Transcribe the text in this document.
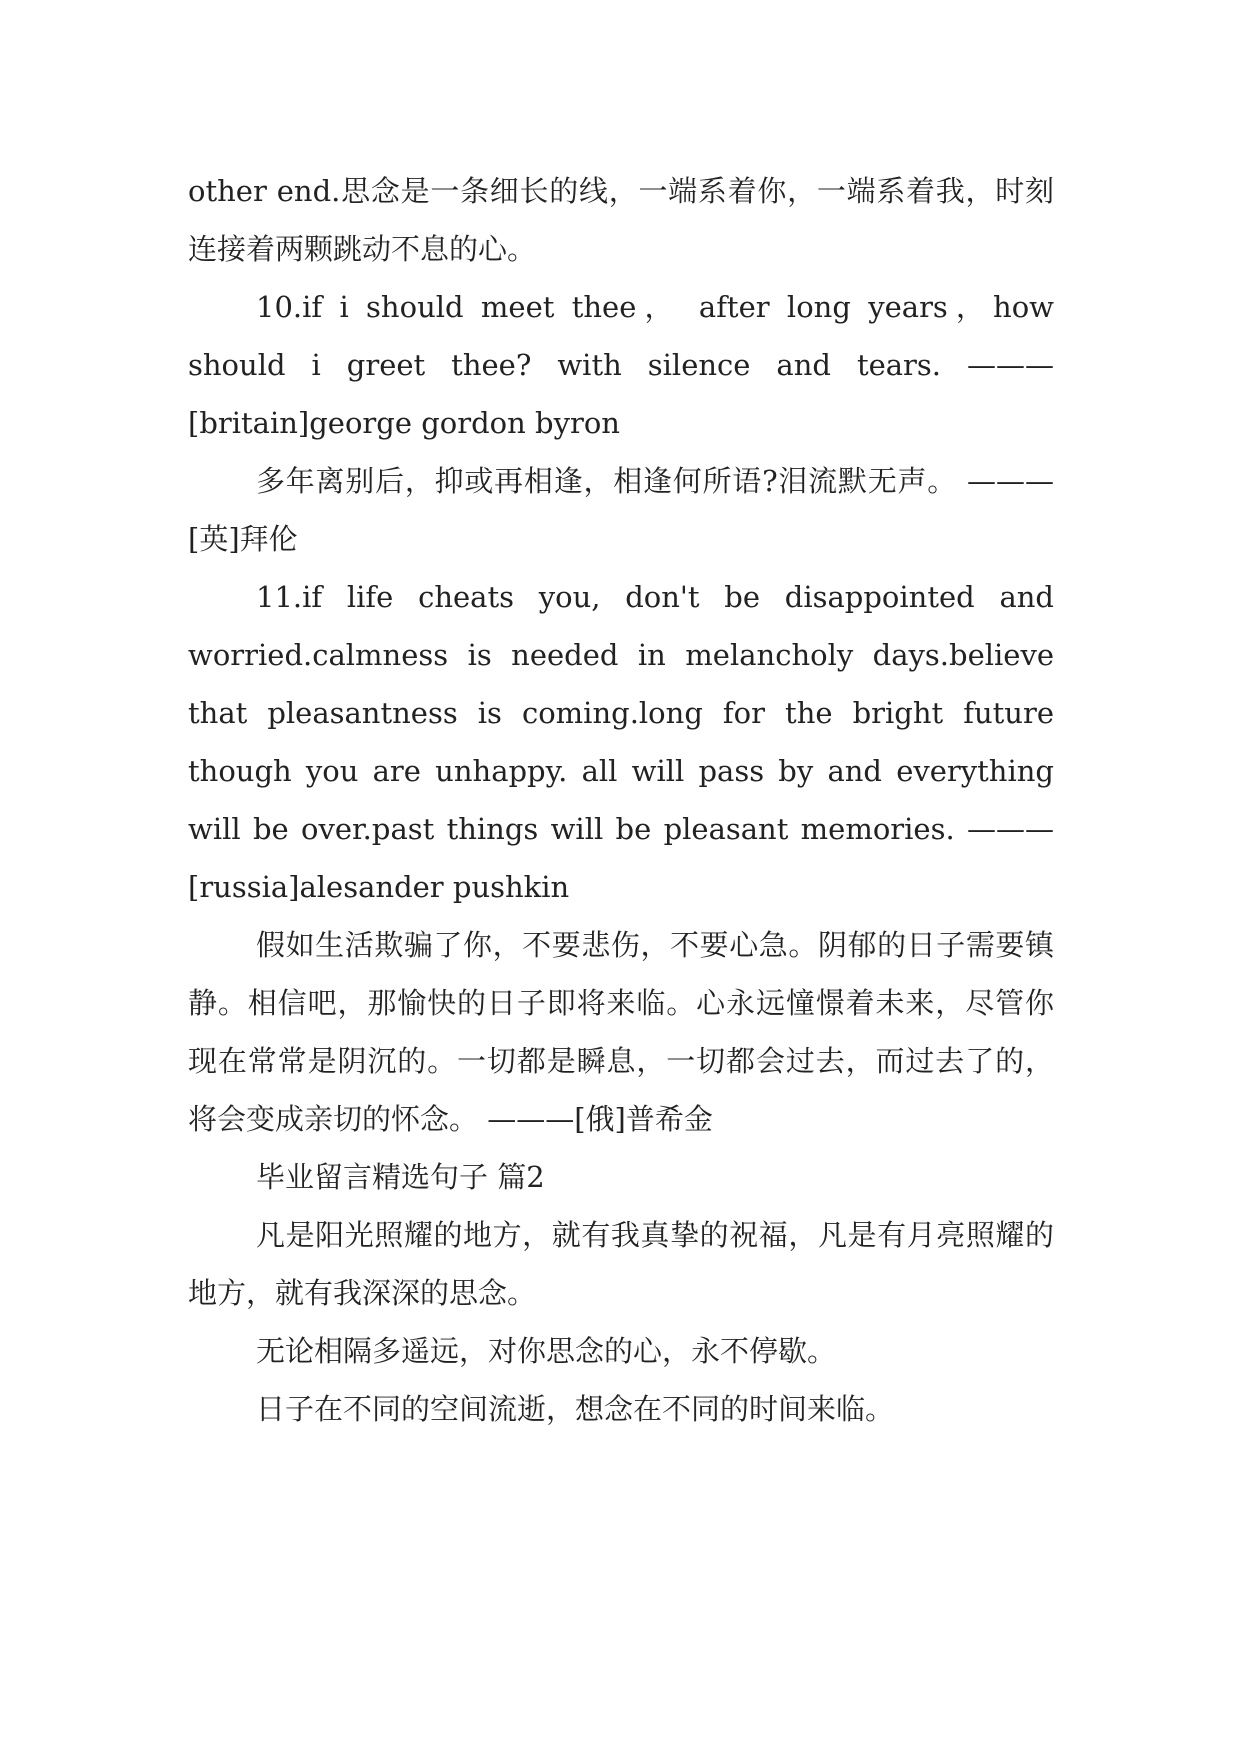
other end.思念是一条细长的线，一端系着你，一端系着我，时刻连接着两颗跳动不息的心。

10.if i should meet thee， after long years，how should i greet thee? with silence and tears. ———[britain]george gordon byron

多年离别后，抑或再相逢，相逢何所语?泪流默无声。 ———[英]拜伦

11.if life cheats you, don't be disappointed and worried.calmness is needed in melancholy days.believe that pleasantness is coming.long for the bright future though you are unhappy. all will pass by and everything will be over.past things will be pleasant memories. ———[russia]alesander pushkin

假如生活欺骗了你，不要悲伤，不要心急。阴郁的日子需要镇静。相信吧，那愉快的日子即将来临。心永远憧憬着未来，尽管你现在常常是阴沉的。一切都是瞬息，一切都会过去，而过去了的，将会变成亲切的怀念。 ———[俄]普希金

毕业留言精选句子 篇2

凡是阳光照耀的地方，就有我真挚的祝福，凡是有月亮照耀的地方，就有我深深的思念。

无论相隔多遥远，对你思念的心，永不停歇。

日子在不同的空间流逝，想念在不同的时间来临。
